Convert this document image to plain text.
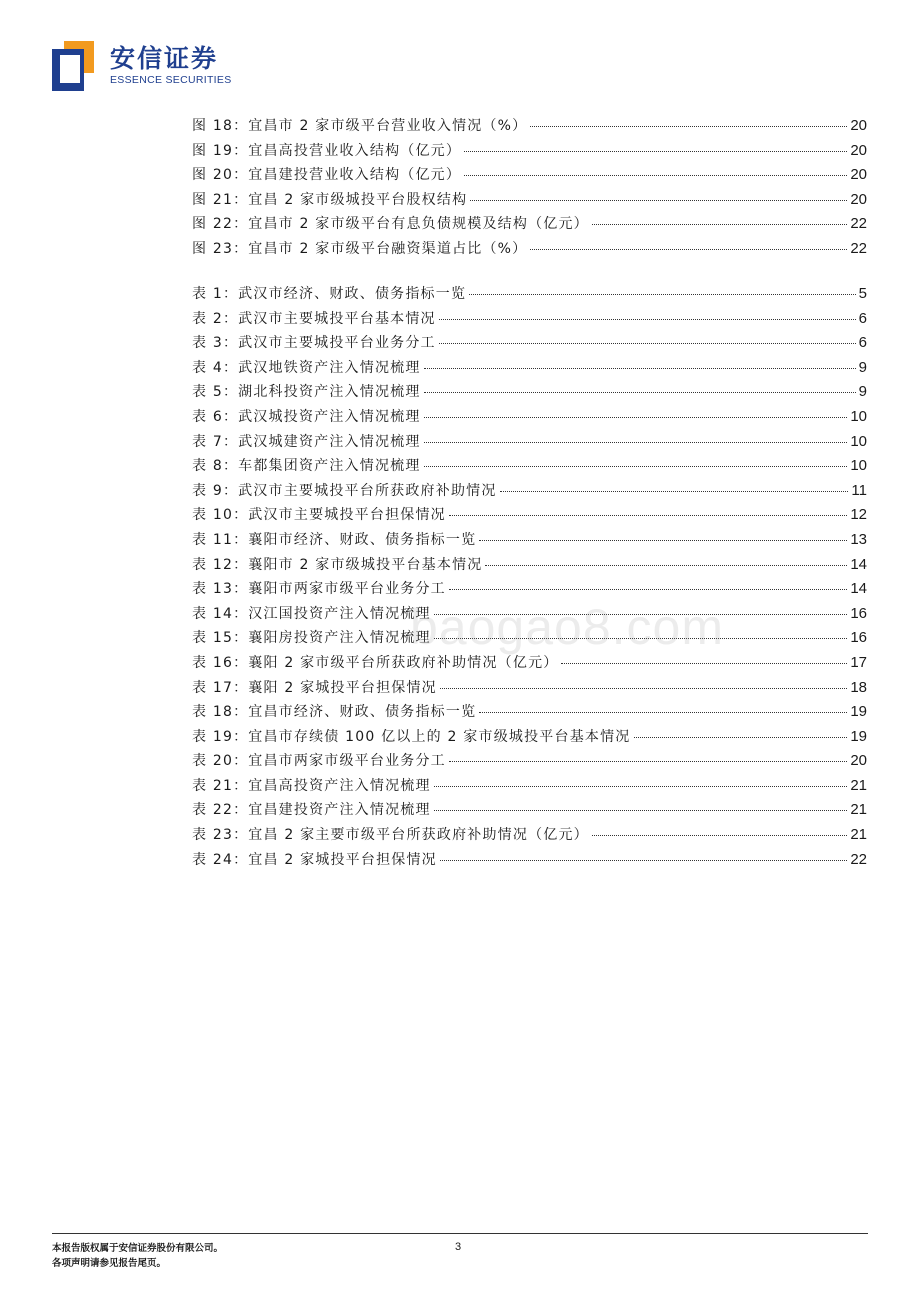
安信证券
ESSENCE SECURITIES
图 18：宜昌市 2 家市级平台营业收入情况（%）	20
图 19：宜昌高投营业收入结构（亿元）	20
图 20：宜昌建投营业收入结构（亿元）	20
图 21：宜昌 2 家市级城投平台股权结构	20
图 22：宜昌市 2 家市级平台有息负债规模及结构（亿元）	22
图 23：宜昌市 2 家市级平台融资渠道占比（%）	22
表 1：武汉市经济、财政、债务指标一览	5
表 2：武汉市主要城投平台基本情况	6
表 3：武汉市主要城投平台业务分工	6
表 4：武汉地铁资产注入情况梳理	9
表 5：湖北科投资产注入情况梳理	9
表 6：武汉城投资产注入情况梳理	10
表 7：武汉城建资产注入情况梳理	10
表 8：车都集团资产注入情况梳理	10
表 9：武汉市主要城投平台所获政府补助情况	11
表 10：武汉市主要城投平台担保情况	12
表 11：襄阳市经济、财政、债务指标一览	13
表 12：襄阳市 2 家市级城投平台基本情况	14
表 13：襄阳市两家市级平台业务分工	14
表 14：汉江国投资产注入情况梳理	16
表 15：襄阳房投资产注入情况梳理	16
表 16：襄阳 2 家市级平台所获政府补助情况（亿元）	17
表 17：襄阳 2 家城投平台担保情况	18
表 18：宜昌市经济、财政、债务指标一览	19
表 19：宜昌市存续债 100 亿以上的 2 家市级城投平台基本情况	19
表 20：宜昌市两家市级平台业务分工	20
表 21：宜昌高投资产注入情况梳理	21
表 22：宜昌建投资产注入情况梳理	21
表 23：宜昌 2 家主要市级平台所获政府补助情况（亿元）	21
表 24：宜昌 2 家城投平台担保情况	22
baogao8.com
本报告版权属于安信证券股份有限公司。
各项声明请参见报告尾页。
3
